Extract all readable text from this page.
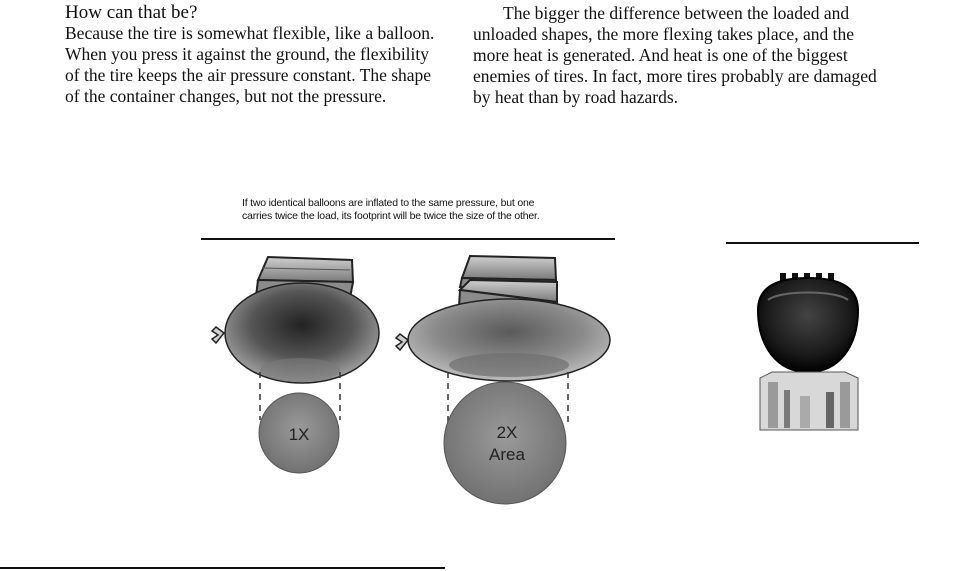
How can that be?

Because the tire is somewhat flexible, like a balloon.
When you press it against the ground, the flexibility
of the tire keeps the air pressure constant. The shape
of the container changes, but not the pressure.

The bigger the difference between the loaded and
unloaded shapes, the more flexing takes place, and the
more heat is generated. And heat is one of the biggest
enemies of tires. In fact, more tires probably are damaged
by heat than by road hazards.

If two identical balloons are inflated to the same pressure, but one
carries twice the load, its footprint will be twice the size of the other.
1X	2X
Area
